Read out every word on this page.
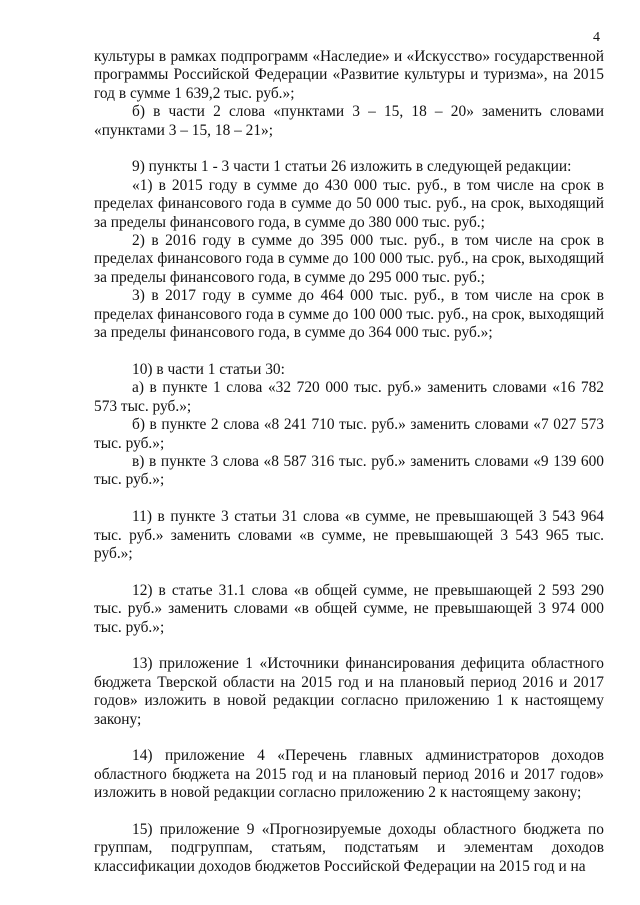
4

культуры в рамках подпрограмм «Наследие» и «Искусство» государственной программы Российской Федерации «Развитие культуры и туризма», на 2015 год в сумме 1 639,2 тыс. руб.»;

б) в части 2 слова «пунктами 3 – 15, 18 – 20» заменить словами «пунктами 3 – 15, 18 – 21»;

9) пункты 1 - 3 части 1 статьи 26 изложить в следующей редакции:

«1) в 2015 году в сумме до 430 000 тыс. руб., в том числе на срок в пределах финансового года в сумме до 50 000 тыс. руб., на срок, выходящий за пределы финансового года, в сумме до 380 000 тыс. руб.;

2) в 2016 году в сумме до 395 000 тыс. руб., в том числе на срок в пределах финансового года в сумме до 100 000 тыс. руб., на срок, выходящий за пределы финансового года, в сумме до 295 000 тыс. руб.;

3) в 2017 году в сумме до 464 000 тыс. руб., в том числе на срок в пределах финансового года в сумме до 100 000 тыс. руб., на срок, выходящий за пределы финансового года, в сумме до 364 000 тыс. руб.»;

10) в части 1 статьи 30:

а) в пункте 1 слова «32 720 000 тыс. руб.» заменить словами «16 782 573 тыс. руб.»;

б) в пункте 2 слова «8 241 710 тыс. руб.» заменить словами «7 027 573 тыс. руб.»;

в) в пункте 3 слова «8 587 316 тыс. руб.» заменить словами «9 139 600 тыс. руб.»;

11) в пункте 3 статьи 31 слова «в сумме, не превышающей 3 543 964 тыс. руб.» заменить словами «в сумме, не превышающей 3 543 965 тыс. руб.»;

12) в статье 31.1 слова «в общей сумме, не превышающей 2 593 290 тыс. руб.» заменить словами «в общей сумме, не превышающей 3 974 000 тыс. руб.»;

13) приложение 1 «Источники финансирования дефицита областного бюджета Тверской области на 2015 год и на плановый период 2016 и 2017 годов» изложить в новой редакции согласно приложению 1 к настоящему закону;

14) приложение 4 «Перечень главных администраторов доходов областного бюджета на 2015 год и на плановый период 2016 и 2017 годов» изложить в новой редакции согласно приложению 2 к настоящему закону;

15) приложение 9 «Прогнозируемые доходы областного бюджета по группам, подгруппам, статьям, подстатьям и элементам доходов классификации доходов бюджетов Российской Федерации на 2015 год и на
